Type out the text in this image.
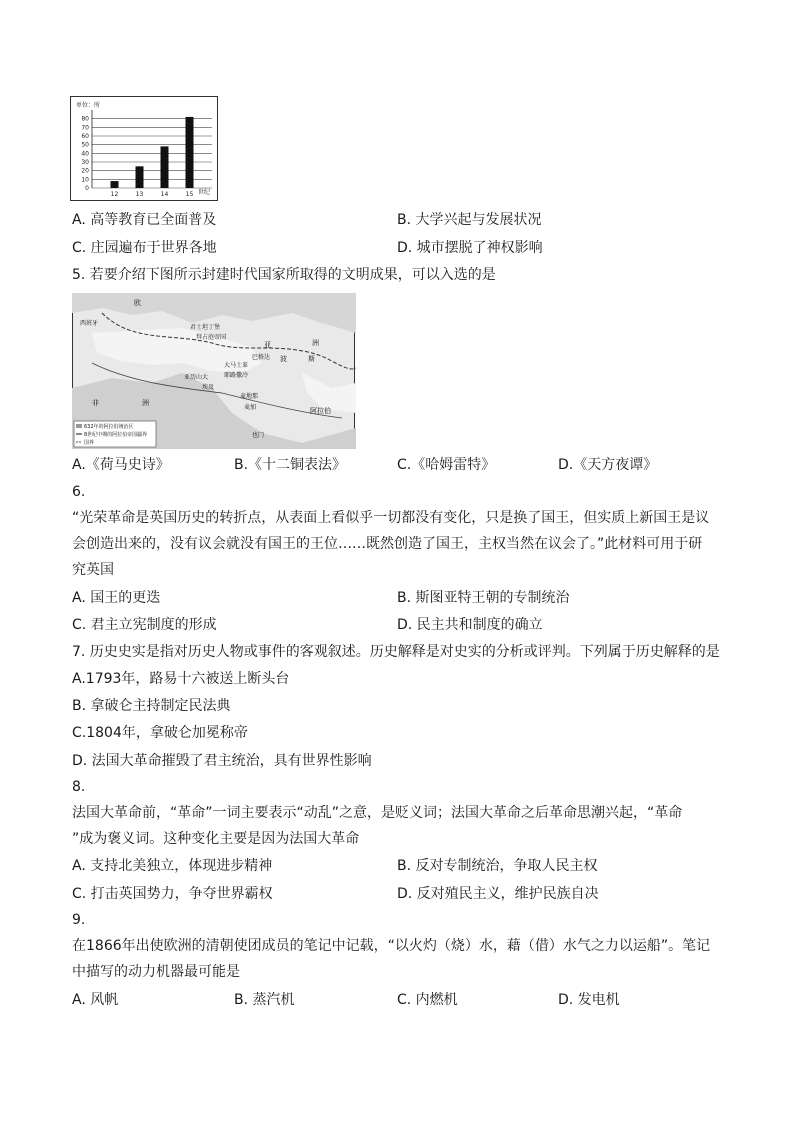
0
10
20
30
40
50
60
70
80
12	13	14	15
单位：所
世纪
A. 高等教育已全面普及	B. 大学兴起与发展状况
C. 庄园遍布于世界各地	D. 城市摆脱了神权影响
5. 若要介绍下图所示封建时代国家所取得的文明成果，可以入选的是
欧
西班牙
君士坦丁堡
拜占庭帝国
亚	洲
波	斯
大马士革
耶路撒冷
巴格达
亚历山大
埃及
麦地那
麦加	阿拉伯
非	洲
也门
632年的阿拉伯统治区
8世纪中期的阿拉伯帝国疆界
国界
A.《荷马史诗》	B.《十二铜表法》	C.《哈姆雷特》	D.《天方夜谭》
6.
“光荣革命是英国历史的转折点，从表面上看似乎一切都没有变化，只是换了国王，但实质上新国王是议
会创造出来的，没有议会就没有国王的王位……既然创造了国王，主权当然在议会了。”此材料可用于研
究英国
A. 国王的更迭	B. 斯图亚特王朝的专制统治
C. 君主立宪制度的形成	D. 民主共和制度的确立
7. 历史史实是指对历史人物或事件的客观叙述。历史解释是对史实的分析或评判。下列属于历史解释的是
A.1793年，路易十六被送上断头台
B. 拿破仑主持制定民法典
C.1804年，拿破仑加冕称帝
D. 法国大革命摧毁了君主统治，具有世界性影响
8.
法国大革命前，“革命”一词主要表示“动乱”之意，是贬义词；法国大革命之后革命思潮兴起，“革命
”成为褒义词。这种变化主要是因为法国大革命
A. 支持北美独立，体现进步精神	B. 反对专制统治，争取人民主权
C. 打击英国势力，争夺世界霸权	D. 反对殖民主义，维护民族自决
9.
在1866年出使欧洲的清朝使团成员的笔记中记载，“以火灼（烧）水，藉（借）水气之力以运船”。笔记
中描写的动力机器最可能是
A. 风帆	B. 蒸汽机	C. 内燃机	D. 发电机
